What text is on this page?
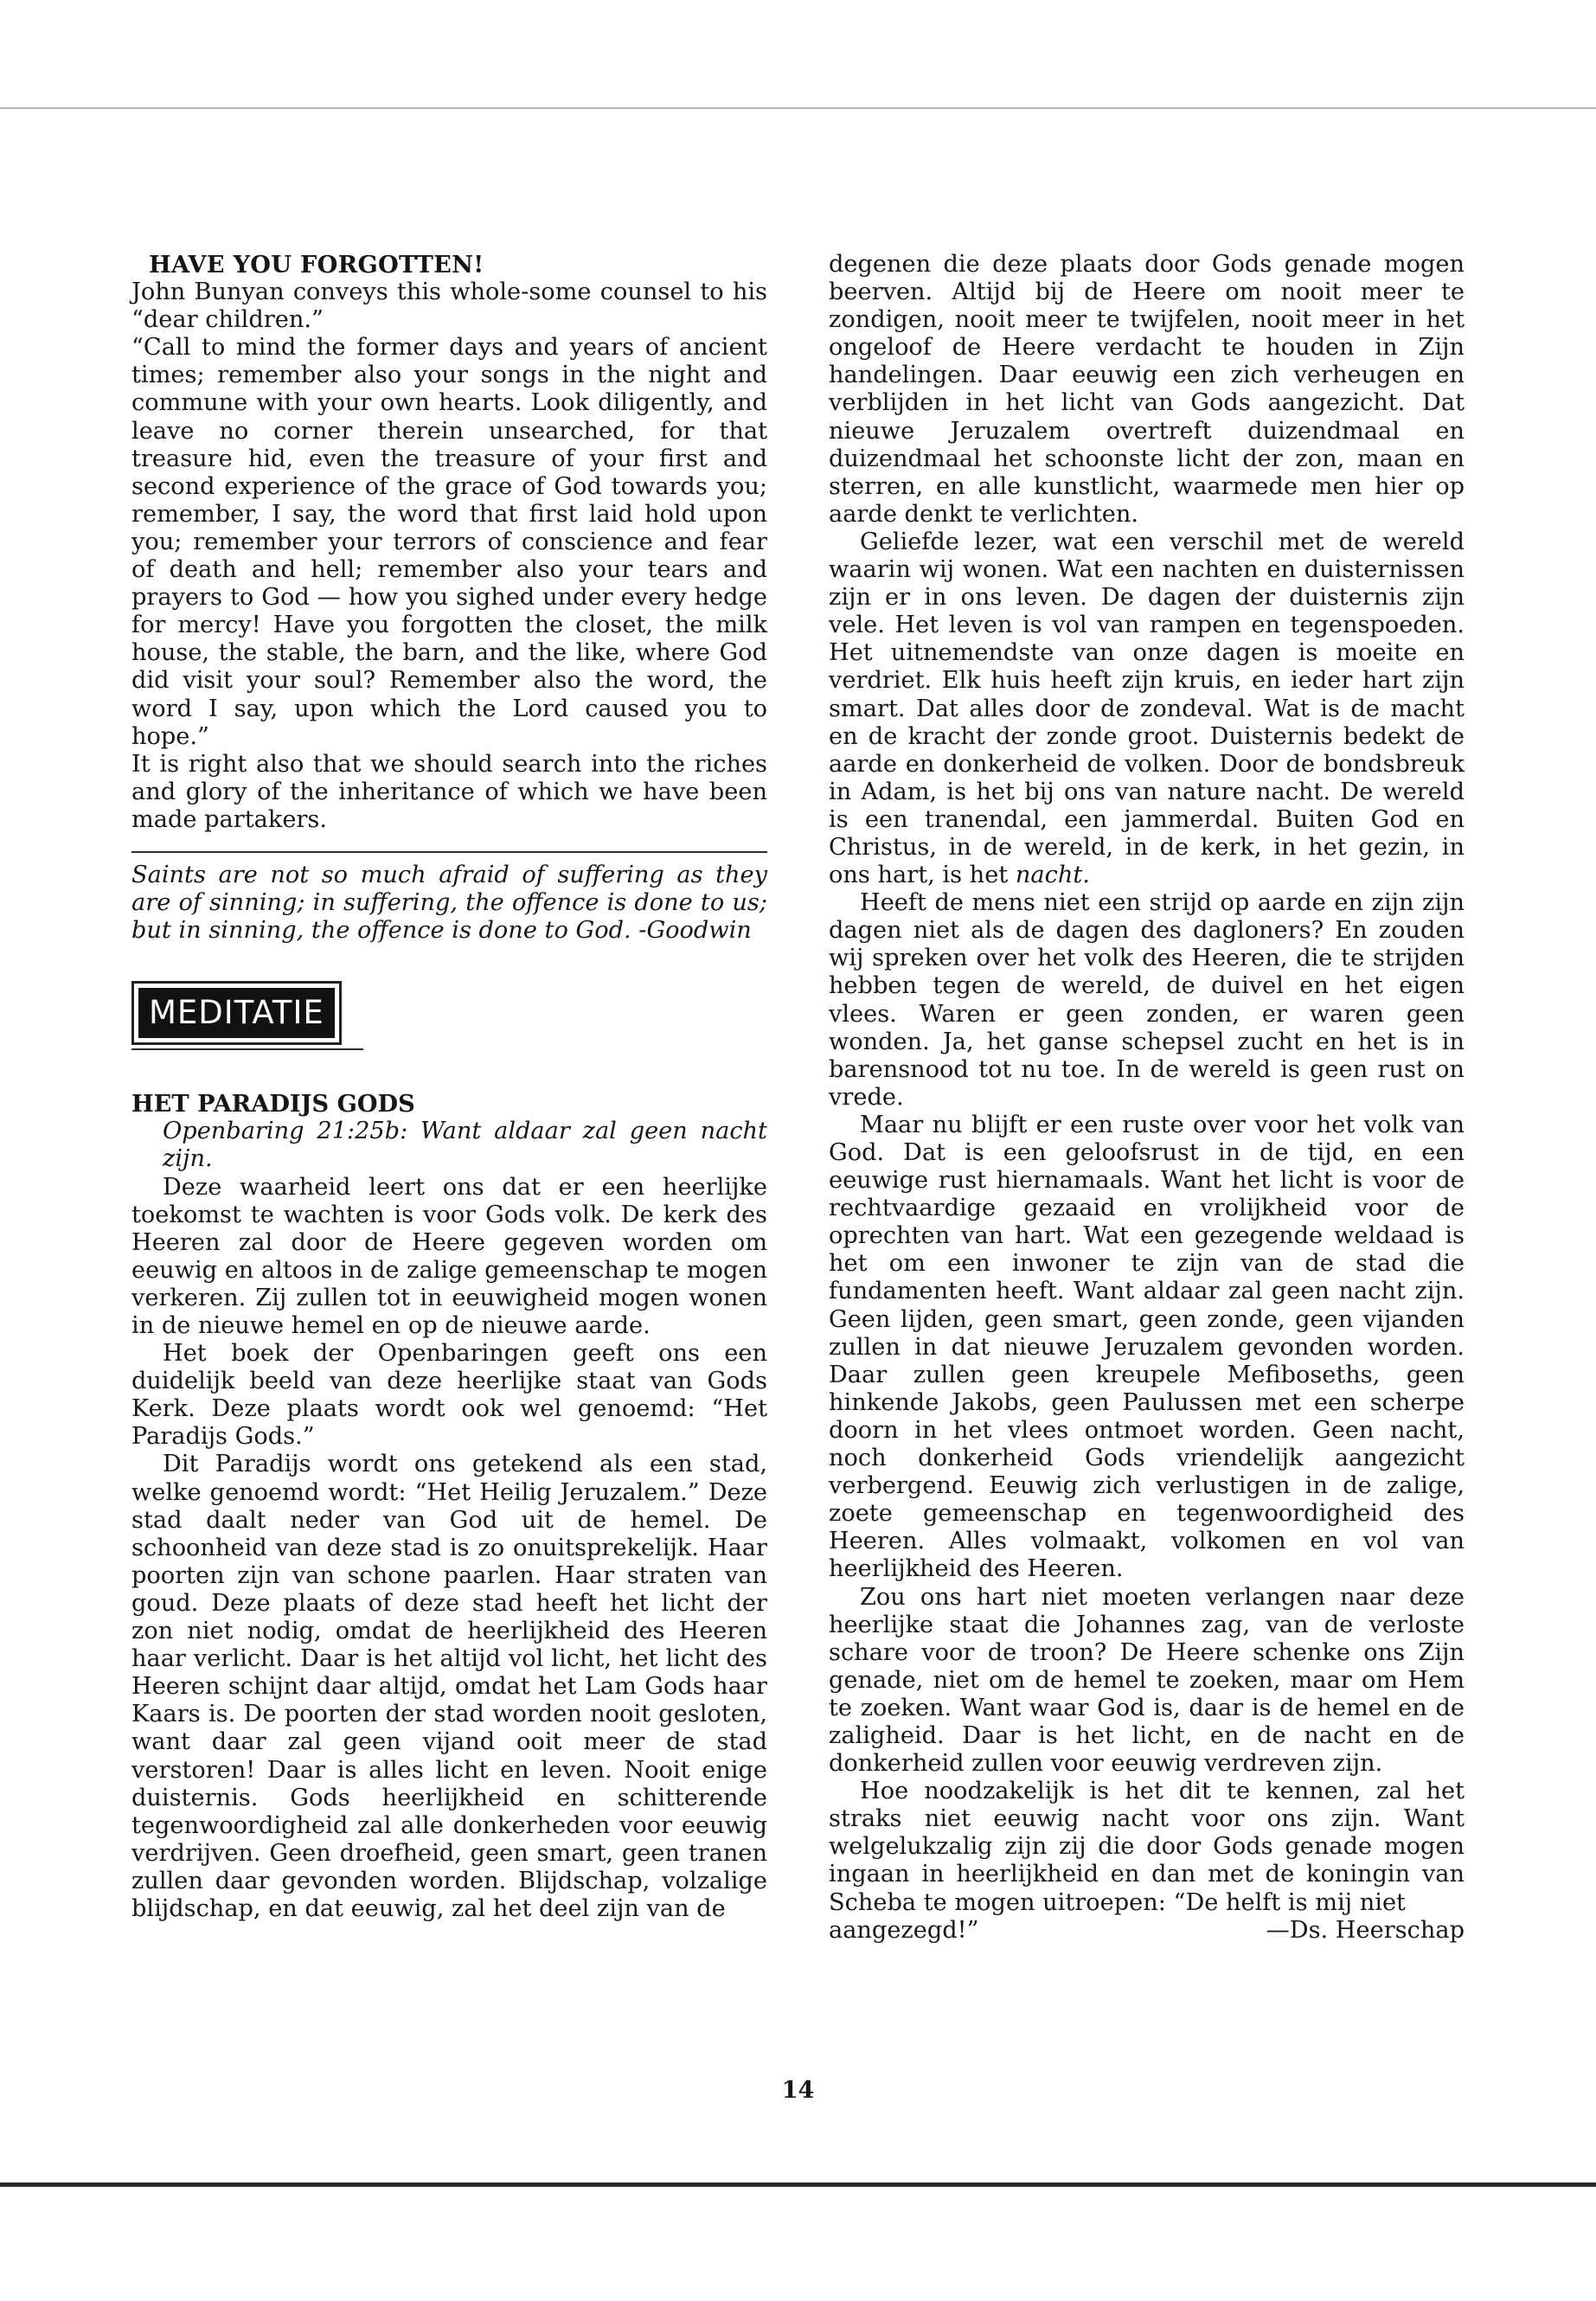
HAVE YOU FORGOTTEN!

John Bunyan conveys this whole-some counsel to his “dear children.”

“Call to mind the former days and years of ancient times; remember also your songs in the night and commune with your own hearts. Look diligently, and leave no corner therein unsearched, for that treasure hid, even the treasure of your first and second experience of the grace of God towards you; remember, I say, the word that first laid hold upon you; remember your terrors of conscience and fear of death and hell; remember also your tears and prayers to God — how you sighed under every hedge for mercy! Have you forgotten the closet, the milk house, the stable, the barn, and the like, where God did visit your soul? Remember also the word, the word I say, upon which the Lord caused you to hope.”

It is right also that we should search into the riches and glory of the inheritance of which we have been made partakers.

Saints are not so much afraid of suffering as they are of sinning; in suffering, the offence is done to us; but in sinning, the offence is done to God. -Goodwin

MEDITATIE

HET PARADIJS GODS

Openbaring 21:25b: Want aldaar zal geen nacht zijn.

Deze waarheid leert ons dat er een heerlijke toekomst te wachten is voor Gods volk. De kerk des Heeren zal door de Heere gegeven worden om eeuwig en altoos in de zalige gemeenschap te mogen verkeren. Zij zullen tot in eeuwigheid mogen wonen in de nieuwe hemel en op de nieuwe aarde.

Het boek der Openbaringen geeft ons een duidelijk beeld van deze heerlijke staat van Gods Kerk. Deze plaats wordt ook wel genoemd: “Het Paradijs Gods.”

Dit Paradijs wordt ons getekend als een stad, welke genoemd wordt: “Het Heilig Jeruzalem.” Deze stad daalt neder van God uit de hemel. De schoonheid van deze stad is zo onuitsprekelijk. Haar poorten zijn van schone paarlen. Haar straten van goud. Deze plaats of deze stad heeft het licht der zon niet nodig, omdat de heerlijkheid des Heeren haar verlicht. Daar is het altijd vol licht, het licht des Heeren schijnt daar altijd, omdat het Lam Gods haar Kaars is. De poorten der stad worden nooit gesloten, want daar zal geen vijand ooit meer de stad verstoren! Daar is alles licht en leven. Nooit enige duisternis. Gods heerlijkheid en schitterende tegenwoordigheid zal alle donkerheden voor eeuwig verdrijven. Geen droefheid, geen smart, geen tranen zullen daar gevonden worden. Blijdschap, volzalige blijdschap, en dat eeuwig, zal het deel zijn van de

degenen die deze plaats door Gods genade mogen beerven. Altijd bij de Heere om nooit meer te zondigen, nooit meer te twijfelen, nooit meer in het ongeloof de Heere verdacht te houden in Zijn handelingen. Daar eeuwig een zich verheugen en verblijden in het licht van Gods aangezicht. Dat nieuwe Jeruzalem overtreft duizendmaal en duizendmaal het schoonste licht der zon, maan en sterren, en alle kunstlicht, waarmede men hier op aarde denkt te verlichten.

Geliefde lezer, wat een verschil met de wereld waarin wij wonen. Wat een nachten en duisternissen zijn er in ons leven. De dagen der duisternis zijn vele. Het leven is vol van rampen en tegenspoeden. Het uitnemendste van onze dagen is moeite en verdriet. Elk huis heeft zijn kruis, en ieder hart zijn smart. Dat alles door de zondeval. Wat is de macht en de kracht der zonde groot. Duisternis bedekt de aarde en donkerheid de volken. Door de bondsbreuk in Adam, is het bij ons van nature nacht. De wereld is een tranendal, een jammerdal. Buiten God en Christus, in de wereld, in de kerk, in het gezin, in ons hart, is het nacht.

Heeft de mens niet een strijd op aarde en zijn zijn dagen niet als de dagen des dagloners? En zouden wij spreken over het volk des Heeren, die te strijden hebben tegen de wereld, de duivel en het eigen vlees. Waren er geen zonden, er waren geen wonden. Ja, het ganse schepsel zucht en het is in barensnood tot nu toe. In de wereld is geen rust on vrede.

Maar nu blijft er een ruste over voor het volk van God. Dat is een geloofsrust in de tijd, en een eeuwige rust hiernamaals. Want het licht is voor de rechtvaardige gezaaid en vrolijkheid voor de oprechten van hart. Wat een gezegende weldaad is het om een inwoner te zijn van de stad die fundamenten heeft. Want aldaar zal geen nacht zijn. Geen lijden, geen smart, geen zonde, geen vijanden zullen in dat nieuwe Jeruzalem gevonden worden. Daar zullen geen kreupele Mefiboseths, geen hinkende Jakobs, geen Paulussen met een scherpe doorn in het vlees ontmoet worden. Geen nacht, noch donkerheid Gods vriendelijk aangezicht verbergend. Eeuwig zich verlustigen in de zalige, zoete gemeenschap en tegenwoordigheid des Heeren. Alles volmaakt, volkomen en vol van heerlijkheid des Heeren.

Zou ons hart niet moeten verlangen naar deze heerlijke staat die Johannes zag, van de verloste schare voor de troon? De Heere schenke ons Zijn genade, niet om de hemel te zoeken, maar om Hem te zoeken. Want waar God is, daar is de hemel en de zaligheid. Daar is het licht, en de nacht en de donkerheid zullen voor eeuwig verdreven zijn.

Hoe noodzakelijk is het dit te kennen, zal het straks niet eeuwig nacht voor ons zijn. Want welgelukzalig zijn zij die door Gods genade mogen ingaan in heerlijkheid en dan met de koningin van Scheba te mogen uitroepen: “De helft is mij niet

aangezegd!”	—Ds. Heerschap
14
